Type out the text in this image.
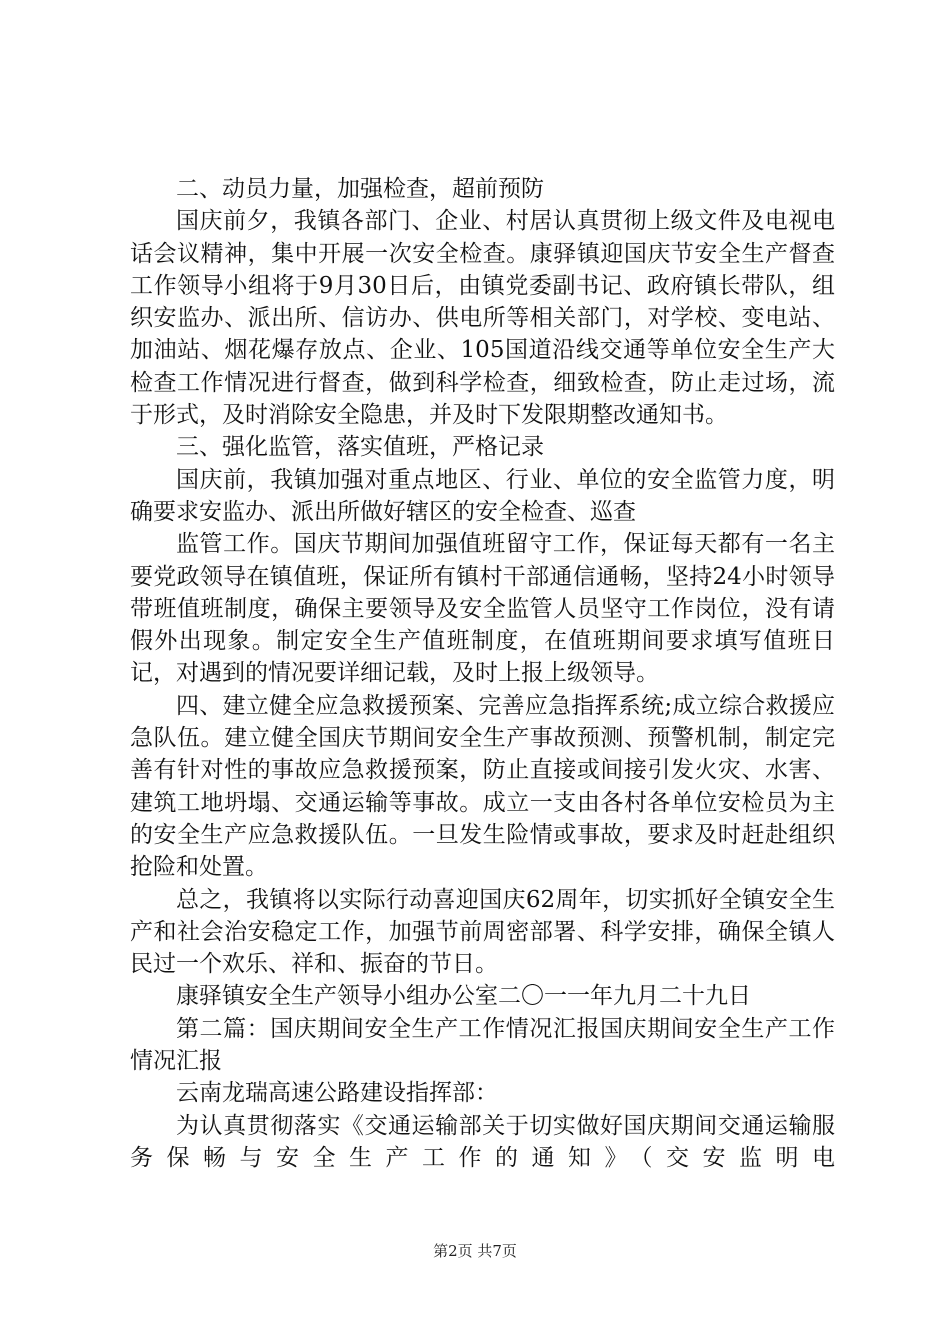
二、动员力量，加强检查，超前预防

国庆前夕，我镇各部门、企业、村居认真贯彻上级文件及电视电话会议精神，集中开展一次安全检查。康驿镇迎国庆节安全生产督查工作领导小组将于9月30日后，由镇党委副书记、政府镇长带队，组织安监办、派出所、信访办、供电所等相关部门，对学校、变电站、加油站、烟花爆存放点、企业、105国道沿线交通等单位安全生产大检查工作情况进行督查，做到科学检查，细致检查，防止走过场，流于形式，及时消除安全隐患，并及时下发限期整改通知书。

三、强化监管，落实值班，严格记录

国庆前，我镇加强对重点地区、行业、单位的安全监管力度，明确要求安监办、派出所做好辖区的安全检查、巡查

监管工作。国庆节期间加强值班留守工作，保证每天都有一名主要党政领导在镇值班，保证所有镇村干部通信通畅，坚持24小时领导带班值班制度，确保主要领导及安全监管人员坚守工作岗位，没有请假外出现象。制定安全生产值班制度，在值班期间要求填写值班日记，对遇到的情况要详细记载，及时上报上级领导。

四、建立健全应急救援预案、完善应急指挥系统;成立综合救援应急队伍。建立健全国庆节期间安全生产事故预测、预警机制，制定完善有针对性的事故应急救援预案，防止直接或间接引发火灾、水害、建筑工地坍塌、交通运输等事故。成立一支由各村各单位安检员为主的安全生产应急救援队伍。一旦发生险情或事故，要求及时赶赴组织抢险和处置。

总之，我镇将以实际行动喜迎国庆62周年，切实抓好全镇安全生产和社会治安稳定工作，加强节前周密部署、科学安排，确保全镇人民过一个欢乐、祥和、振奋的节日。

康驿镇安全生产领导小组办公室二〇一一年九月二十九日

第二篇：国庆期间安全生产工作情况汇报国庆期间安全生产工作情况汇报

云南龙瑞高速公路建设指挥部：

为认真贯彻落实《交通运输部关于切实做好国庆期间交通运输服务保畅与安全生产工作的通知》（交安监明电

第2页 共7页
